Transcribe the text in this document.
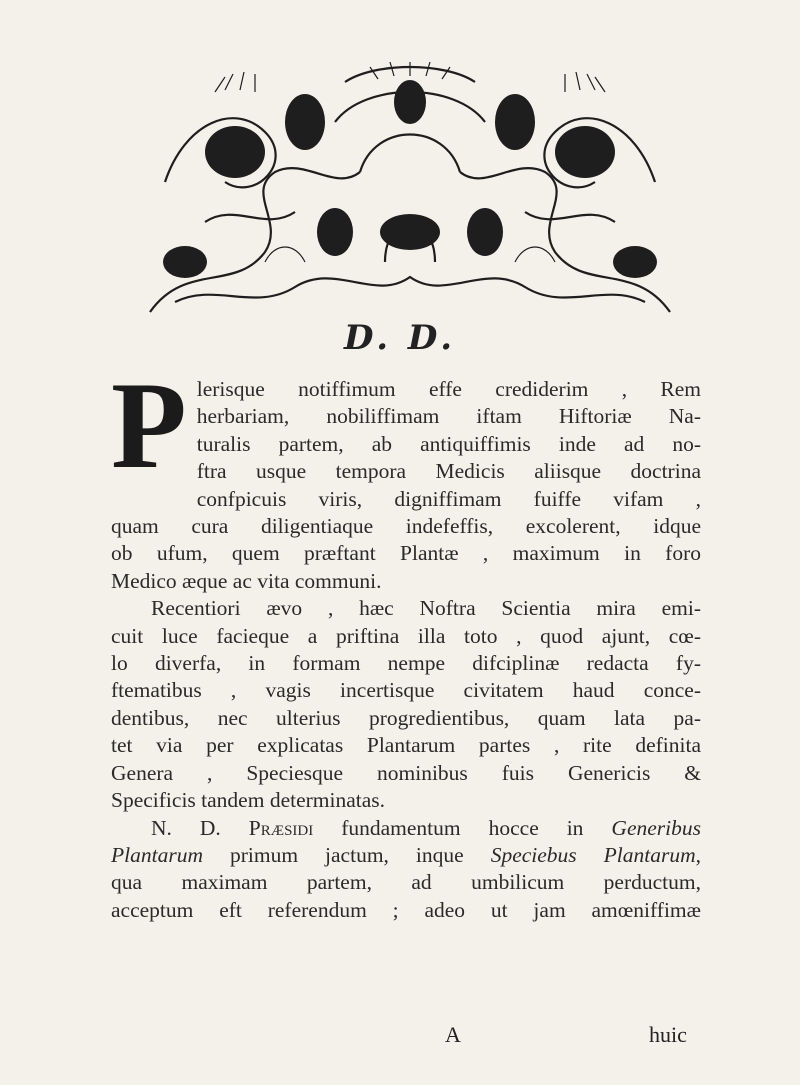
D. D.
P lerisque notiffimum effe crediderim , Rem
herbariam, nobiliffimam iftam Hiftoriæ Na-
turalis partem, ab antiquiffimis inde ad no-
ftra usque tempora Medicis aliisque doctrina
confpicuis viris, digniffimam fuiffe vifam ,
quam cura diligentiaque indefeffis, excolerent, idque
ob ufum, quem præftant Plantæ , maximum in foro
Medico æque ac vita communi.
Recentiori ævo , hæc Noftra Scientia mira emi-
cuit luce facieque a priftina illa toto , quod ajunt, cœ-
lo diverfa, in formam nempe difciplinæ redacta fy-
ftematibus , vagis incertisque civitatem haud conce-
dentibus, nec ulterius progredientibus, quam lata pa-
tet via per explicatas Plantarum partes , rite definita
Genera , Speciesque nominibus fuis Genericis &
Specificis tandem determinatas.
N. D. Præsidi fundamentum hocce in Generibus
Plantarum primum jactum, inque Speciebus Plantarum,
qua maximam partem, ad umbilicum perductum,
acceptum eft referendum ; adeo ut jam amœniffimæ
A	huic
